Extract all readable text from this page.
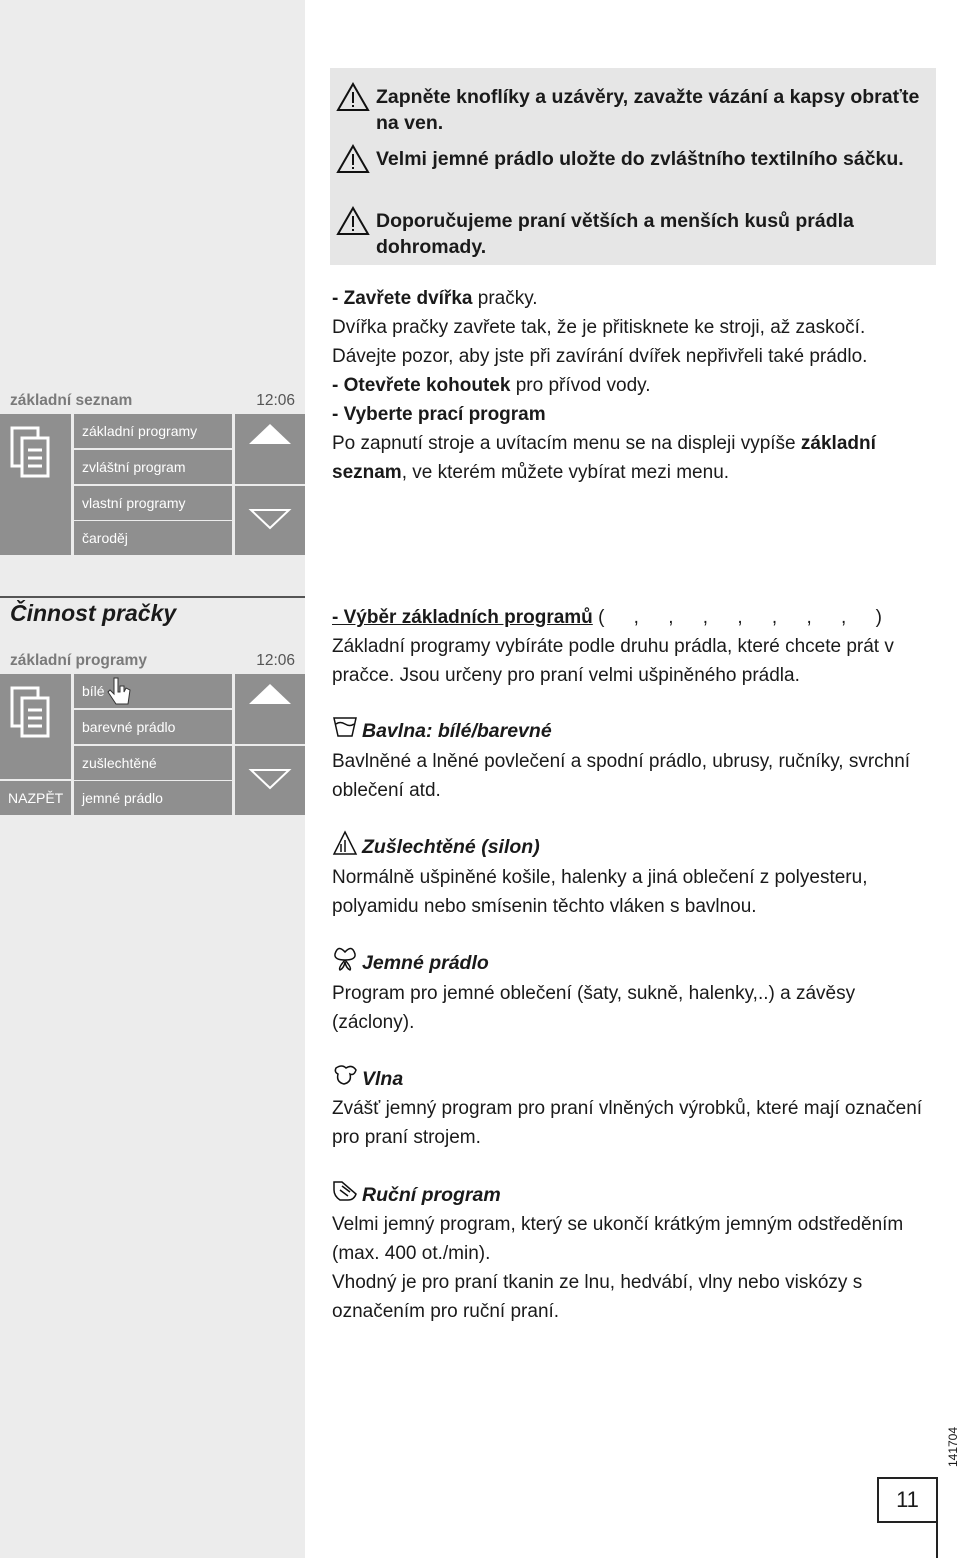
Zapněte knoflíky a uzávěry, zavažte vázání a kapsy obraťte na ven.
Velmi jemné prádlo uložte do zvláštního textilního sáčku.
Doporučujeme praní větších a menších kusů prádla dohromady.
- Zavřete dvířka pračky.
Dvířka pračky zavřete tak, že je přitisknete ke stroji, až zaskočí.
Dávejte pozor, aby jste při zavírání dvířek nepřivřeli také prádlo.
- Otevřete kohoutek pro přívod vody.
- Vyberte prací program
Po zapnutí stroje a uvítacím menu se na displeji vypíše základní seznam, ve kterém můžete vybírat mezi menu.
základní seznam	12:06
základní programy
zvláštní program
vlastní programy
čaroděj
Činnost pračky
základní programy	12:06
NAZPĚT
bílé
barevné prádlo
zušlechtěné
jemné prádlo
- Výběr základních programů ( , , , , , , , )
Základní programy vybíráte podle druhu prádla, které chcete prát v pračce. Jsou určeny pro praní velmi ušpiněného prádla.
Bavlna: bílé/barevné
Bavlněné a lněné povlečení a spodní prádlo, ubrusy, ručníky, svrchní oblečení atd.
Zušlechtěné (silon)
Normálně ušpiněné košile, halenky a jiná oblečení z polyesteru, polyamidu nebo smísenin těchto vláken s bavlnou.
Jemné prádlo
Program pro jemné oblečení (šaty, sukně, halenky,..) a závěsy (záclony).
Vlna
Zvášť jemný program pro praní vlněných výrobků, které mají označení pro praní strojem.
Ruční program
Velmi jemný program, který se ukončí krátkým jemným odstředěním (max. 400 ot./min).
Vhodný je pro praní tkanin ze lnu, hedvábí, vlny nebo viskózy s označením pro ruční praní.
141704
11
